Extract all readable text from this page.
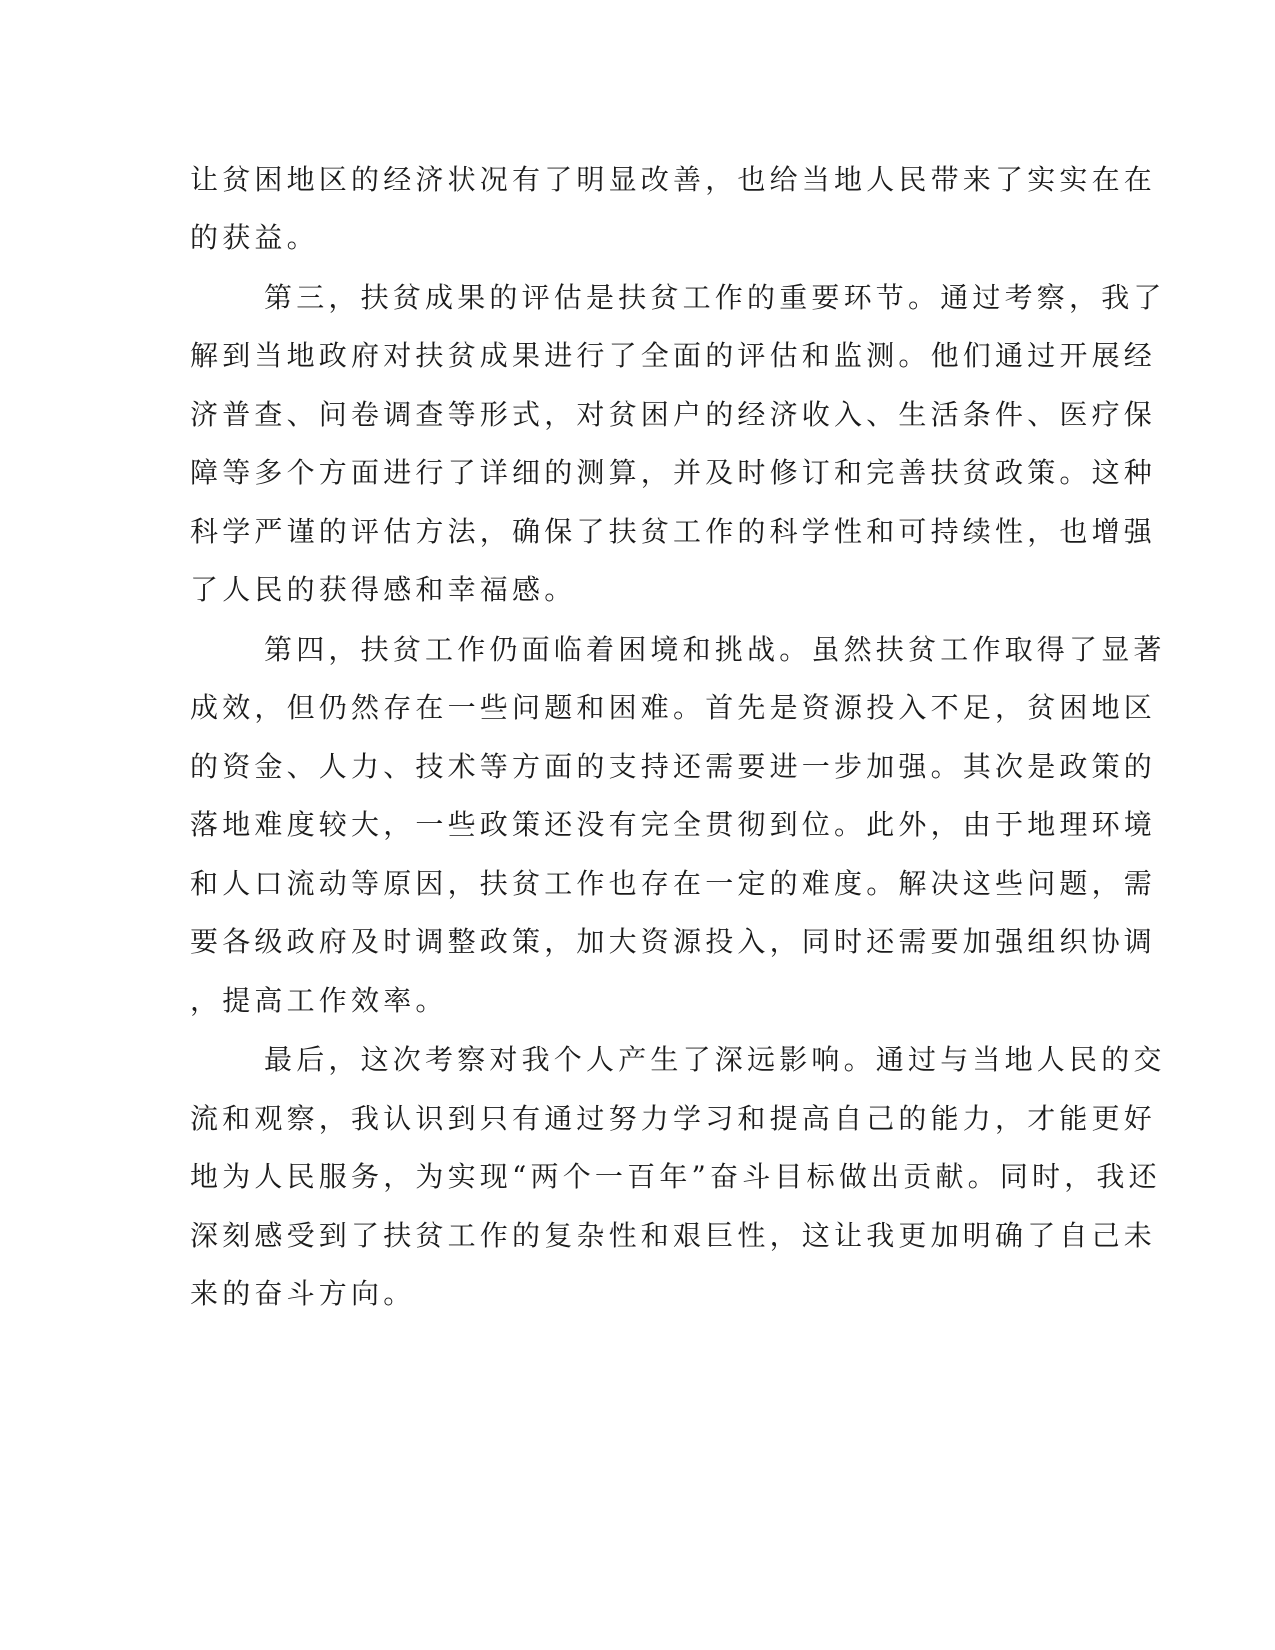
让贫困地区的经济状况有了明显改善，也给当地人民带来了实实在在
的获益。
第三，扶贫成果的评估是扶贫工作的重要环节。通过考察，我了
解到当地政府对扶贫成果进行了全面的评估和监测。他们通过开展经
济普查、问卷调查等形式，对贫困户的经济收入、生活条件、医疗保
障等多个方面进行了详细的测算，并及时修订和完善扶贫政策。这种
科学严谨的评估方法，确保了扶贫工作的科学性和可持续性，也增强
了人民的获得感和幸福感。
第四，扶贫工作仍面临着困境和挑战。虽然扶贫工作取得了显著
成效，但仍然存在一些问题和困难。首先是资源投入不足，贫困地区
的资金、人力、技术等方面的支持还需要进一步加强。其次是政策的
落地难度较大，一些政策还没有完全贯彻到位。此外，由于地理环境
和人口流动等原因，扶贫工作也存在一定的难度。解决这些问题，需
要各级政府及时调整政策，加大资源投入，同时还需要加强组织协调
，提高工作效率。
最后，这次考察对我个人产生了深远影响。通过与当地人民的交
流和观察，我认识到只有通过努力学习和提高自己的能力，才能更好
地为人民服务，为实现“两个一百年”奋斗目标做出贡献。同时，我还
深刻感受到了扶贫工作的复杂性和艰巨性，这让我更加明确了自己未
来的奋斗方向。
